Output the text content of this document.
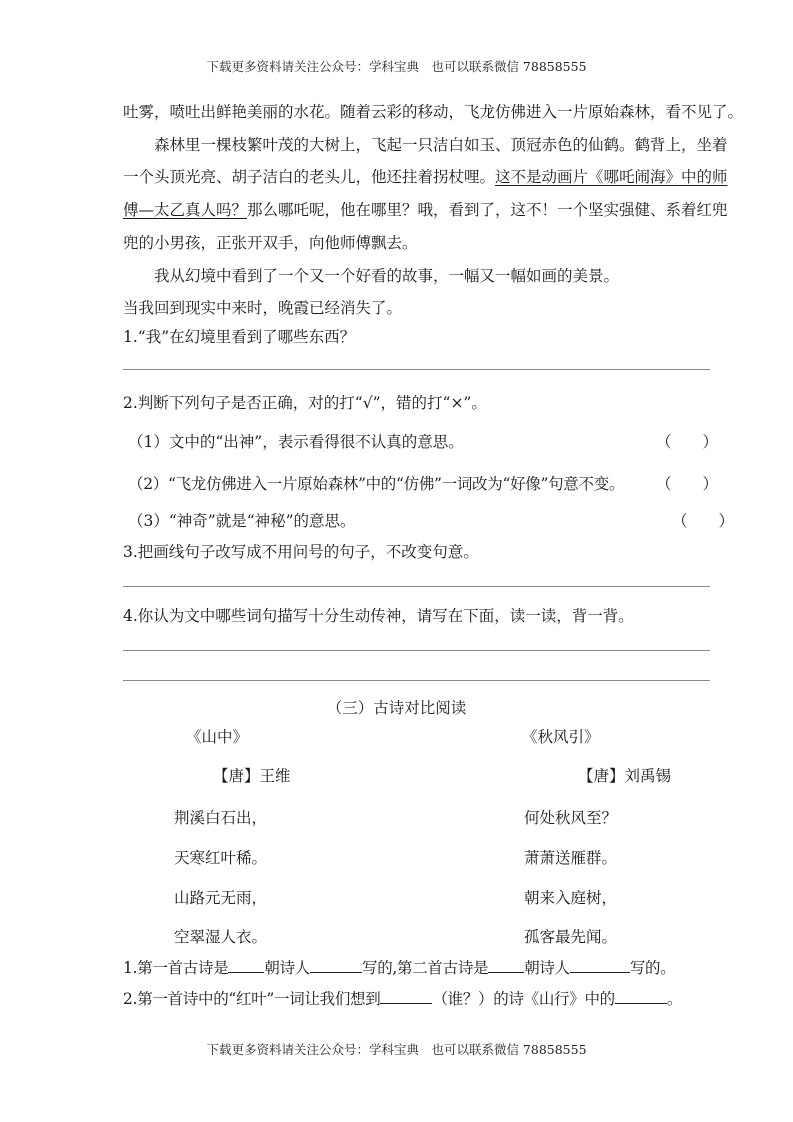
下载更多资料请关注公众号：学科宝典　也可以联系微信 78858555
吐雾，喷吐出鲜艳美丽的水花。随着云彩的移动，飞龙仿佛进入一片原始森林，看不见了。
森林里一棵枝繁叶茂的大树上，飞起一只洁白如玉、顶冠赤色的仙鹤。鹤背上，坐着
一个头顶光亮、胡子洁白的老头儿，他还拄着拐杖哩。这不是动画片《哪吒闹海》中的师
傅—太乙真人吗？那么哪吒呢，他在哪里？哦，看到了，这不！一个坚实强健、系着红兜
兜的小男孩，正张开双手，向他师傅飘去。
我从幻境中看到了一个又一个好看的故事，一幅又一幅如画的美景。
当我回到现实中来时，晚霞已经消失了。
1.“我”在幻境里看到了哪些东西？
2.判断下列句子是否正确，对的打“√”，错的打“×”。
（1）文中的“出神”，表示看得很不认真的意思。	（　　）
（2）“飞龙仿佛进入一片原始森林”中的“仿佛”一词改为“好像”句意不变。 （　　）
（3）“神奇”就是“神秘”的意思。	（　　）
3.把画线句子改写成不用问号的句子，不改变句意。
4.你认为文中哪些词句描写十分生动传神，请写在下面，读一读，背一背。
（三）古诗对比阅读
《山中》	《秋风引》
【唐】王维	【唐】刘禹锡
荆溪白石出，	何处秋风至？
天寒红叶稀。	萧萧送雁群。
山路元无雨，	朝来入庭树，
空翠湿人衣。	孤客最先闻。
1.第一首古诗是 朝诗人	写的,第二首古诗是 朝诗人	写的。
2.第一首诗中的“红叶”一词让我们想到	（谁？）的诗《山行》中的	。
下载更多资料请关注公众号：学科宝典　也可以联系微信 78858555
